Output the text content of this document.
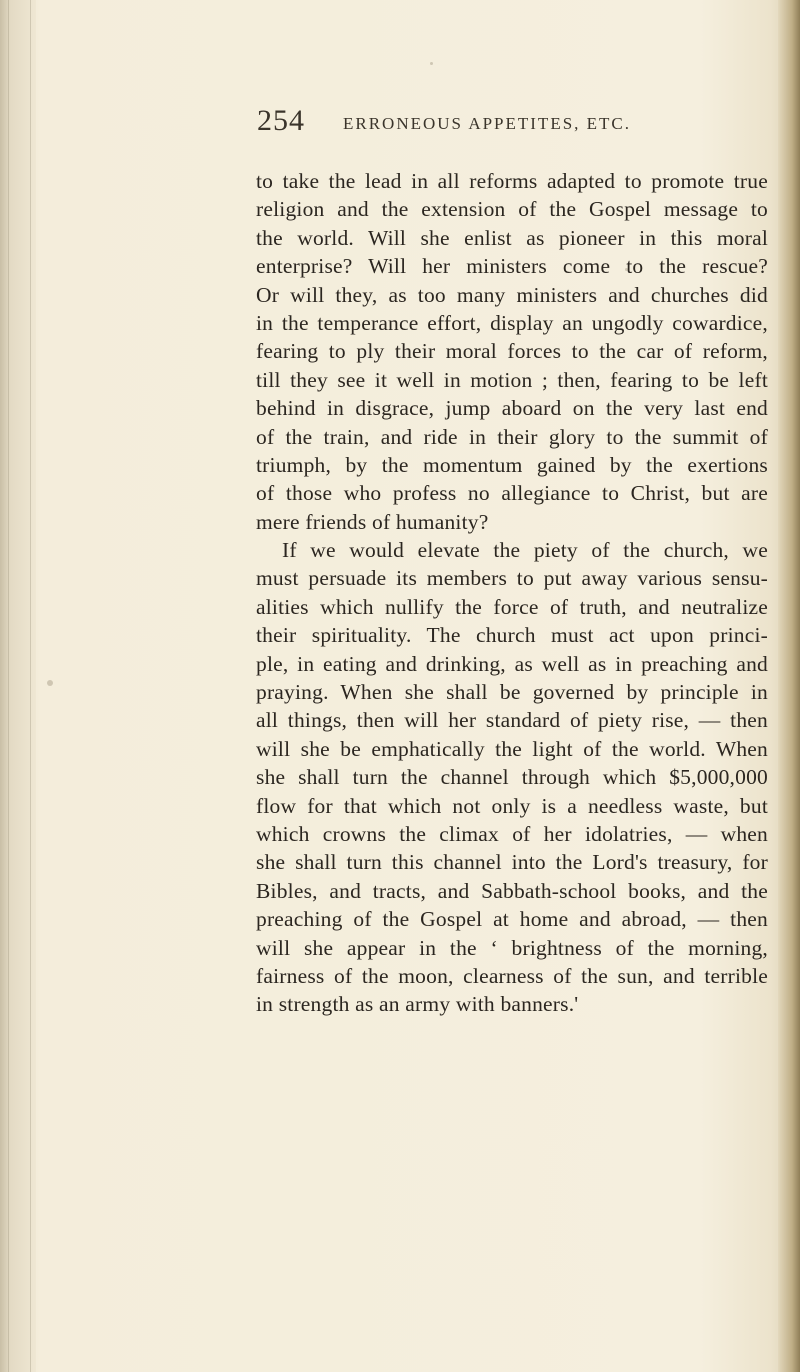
254 ERRONEOUS APPETITES, ETC.
to take the lead in all reforms adapted to promote true
religion and the extension of the Gospel message to
the world. Will she enlist as pioneer in this moral
enterprise? Will her ministers come to the rescue?
Or will they, as too many ministers and churches did
in the temperance effort, display an ungodly cowardice,
fearing to ply their moral forces to the car of reform,
till they see it well in motion ; then, fearing to be left
behind in disgrace, jump aboard on the very last end
of the train, and ride in their glory to the summit of
triumph, by the momentum gained by the exertions
of those who profess no allegiance to Christ, but are
mere friends of humanity?
If we would elevate the piety of the church, we
must persuade its members to put away various sensu-
alities which nullify the force of truth, and neutralize
their spirituality. The church must act upon princi-
ple, in eating and drinking, as well as in preaching and
praying. When she shall be governed by principle in
all things, then will her standard of piety rise, — then
will she be emphatically the light of the world. When
she shall turn the channel through which $5,000,000
flow for that which not only is a needless waste, but
which crowns the climax of her idolatries, — when
she shall turn this channel into the Lord's treasury, for
Bibles, and tracts, and Sabbath-school books, and the
preaching of the Gospel at home and abroad, — then
will she appear in the ‘ brightness of the morning,
fairness of the moon, clearness of the sun, and terrible
in strength as an army with banners.'
